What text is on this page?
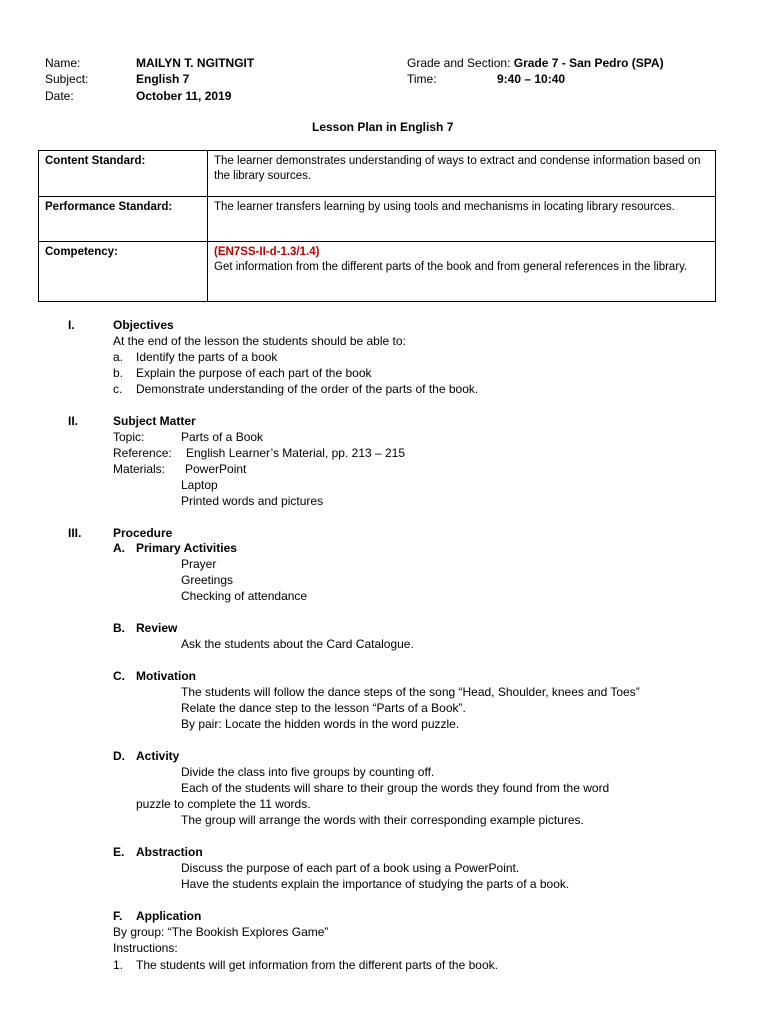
Name:	MAILYN T. NGITNGIT
Subject:	English 7
Date:	October 11, 2019
Grade and Section: Grade 7 - San Pedro (SPA)
Time:	9:40 – 10:40
Lesson Plan in English 7
Content Standard:	The learner demonstrates understanding of ways to extract and condense information based on the library sources.
Performance Standard:	The learner transfers learning by using tools and mechanisms in locating library resources.
Competency:	(EN7SS-II-d-1.3/1.4)
Get information from the different parts of the book and from general references in the library.
I.	Objectives
At the end of the lesson the students should be able to:
a. Identify the parts of a book
b. Explain the purpose of each part of the book
c. Demonstrate understanding of the order of the parts of the book.
II.	Subject Matter
Topic:	Parts of a Book
Reference: English Learner’s Material, pp. 213 – 215
Materials: PowerPoint
Laptop
Printed words and pictures
III.	Procedure
A. Primary Activities
Prayer
Greetings
Checking of attendance
B. Review
Ask the students about the Card Catalogue.
C. Motivation
The students will follow the dance steps of the song “Head, Shoulder, knees and Toes”
Relate the dance step to the lesson “Parts of a Book”.
By pair: Locate the hidden words in the word puzzle.
D. Activity
Divide the class into five groups by counting off.
Each of the students will share to their group the words they found from the word
puzzle to complete the 11 words.
The group will arrange the words with their corresponding example pictures.
E. Abstraction
Discuss the purpose of each part of a book using a PowerPoint.
Have the students explain the importance of studying the parts of a book.
F. Application
By group: “The Bookish Explores Game”
Instructions:
1. The students will get information from the different parts of the book.
